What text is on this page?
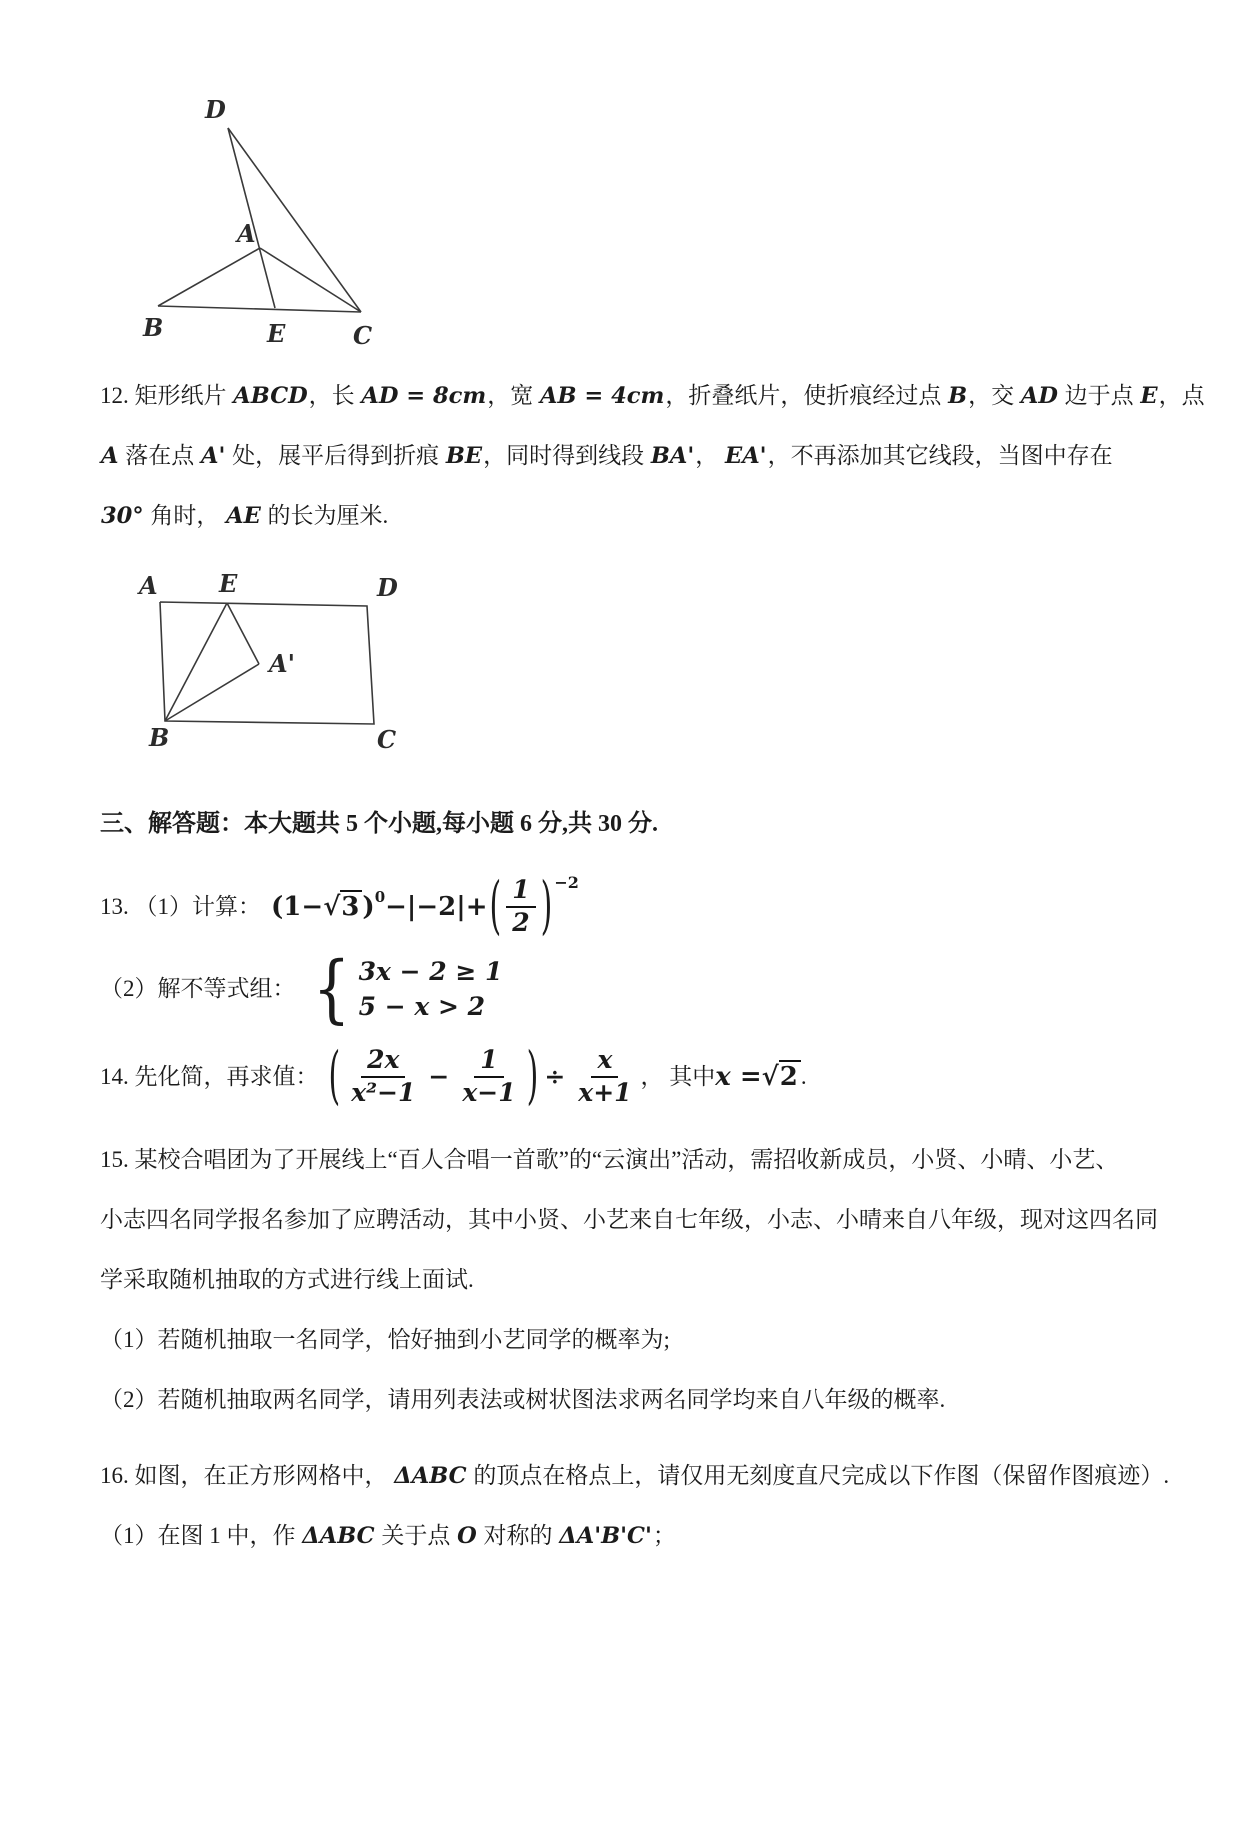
D
A
B	E	C
12. 矩形纸片 ABCD，长 AD = 8cm，宽 AB = 4cm，折叠纸片，使折痕经过点 B，交 AD 边于点 E，点
A 落在点 A' 处，展平后得到折痕 BE，同时得到线段 BA'， EA'，不再添加其它线段，当图中存在
30° 角时， AE 的长为厘米.
A	E	D
A'
B	C
三、解答题：本大题共 5 个小题,每小题 6 分,共 30 分.
13. （1）计算： (1− √3 ) 0 −|−2|+ ( $\frac{1}{2}$ ) −2
（2）解不等式组： { 3x − 2 ≥ 1
5 − x > 2
14. 先化简，再求值： ( $\frac{2x}{\text{x²−1}} - \frac{1}{x-1}$ ) ÷ $\frac{x}{x+1}$ ， 其中 x = √2 .
15. 某校合唱团为了开展线上“百人合唱一首歌”的“云演出”活动，需招收新成员，小贤、小晴、小艺、
小志四名同学报名参加了应聘活动，其中小贤、小艺来自七年级，小志、小晴来自八年级，现对这四名同
学采取随机抽取的方式进行线上面试.
（1）若随机抽取一名同学，恰好抽到小艺同学的概率为;
（2）若随机抽取两名同学，请用列表法或树状图法求两名同学均来自八年级的概率.
16. 如图，在正方形网格中， ΔABC 的顶点在格点上，请仅用无刻度直尺完成以下作图（保留作图痕迹）.
（1）在图 1 中，作 ΔABC 关于点 O 对称的 ΔA'B'C'；
